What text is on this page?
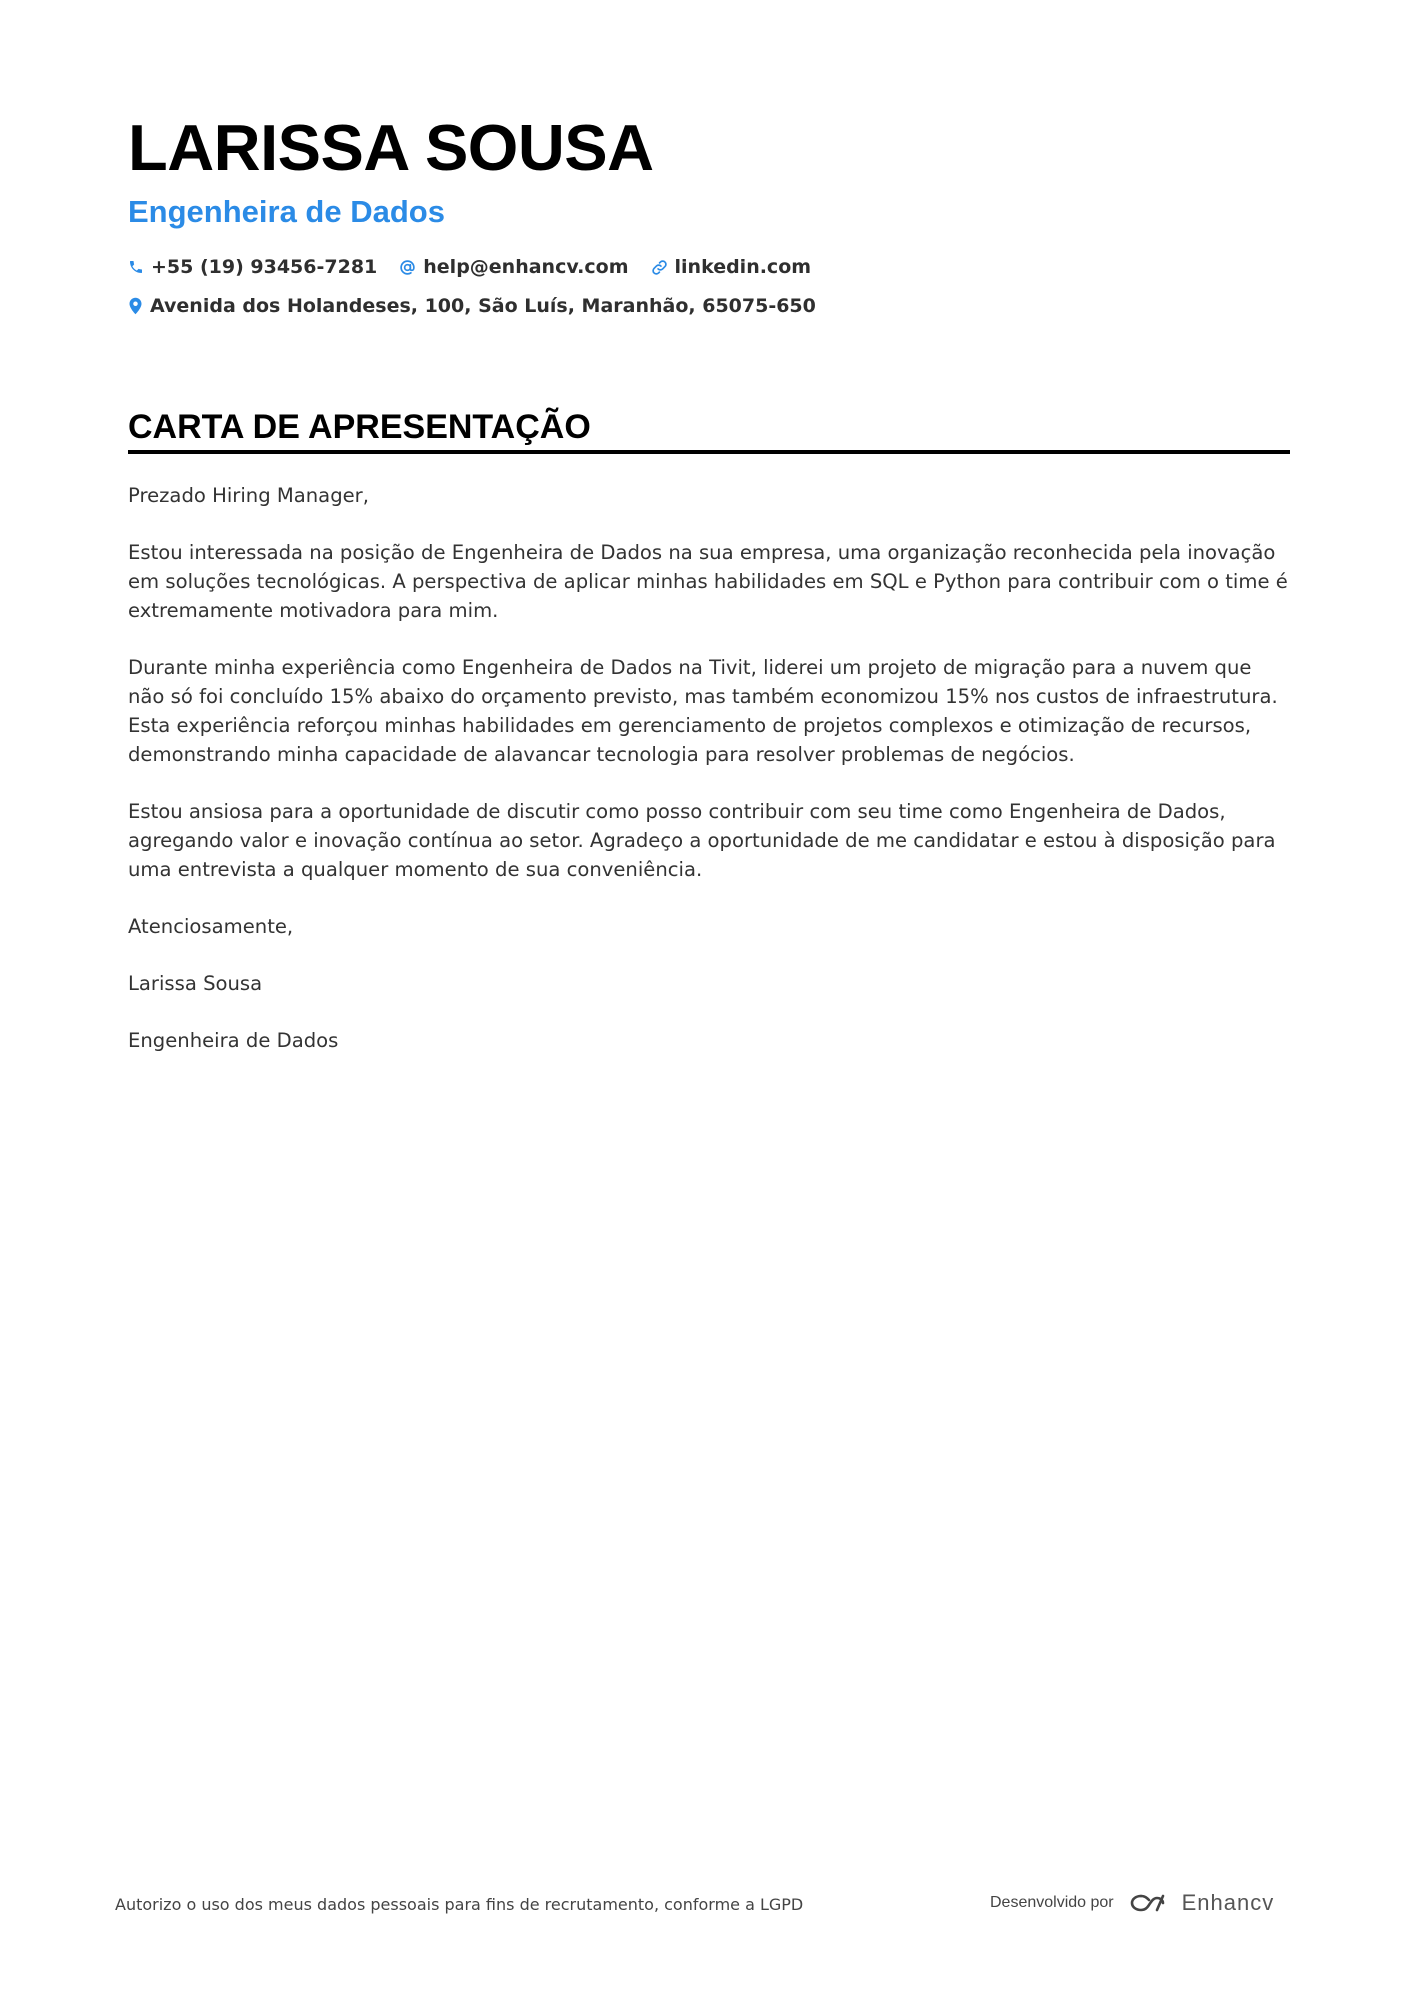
LARISSA SOUSA
Engenheira de Dados
+55 (19) 93456-7281 help@enhancv.com linkedin.com
Avenida dos Holandeses, 100, São Luís, Maranhão, 65075-650
CARTA DE APRESENTAÇÃO

Prezado Hiring Manager,

Estou interessada na posição de Engenheira de Dados na sua empresa, uma organização reconhecida pela inovação em soluções tecnológicas. A perspectiva de aplicar minhas habilidades em SQL e Python para contribuir com o time é extremamente motivadora para mim.

Durante minha experiência como Engenheira de Dados na Tivit, liderei um projeto de migração para a nuvem que não só foi concluído 15% abaixo do orçamento previsto, mas também economizou 15% nos custos de infraestrutura. Esta experiência reforçou minhas habilidades em gerenciamento de projetos complexos e otimização de recursos, demonstrando minha capacidade de alavancar tecnologia para resolver problemas de negócios.

Estou ansiosa para a oportunidade de discutir como posso contribuir com seu time como Engenheira de Dados, agregando valor e inovação contínua ao setor. Agradeço a oportunidade de me candidatar e estou à disposição para uma entrevista a qualquer momento de sua conveniência.

Atenciosamente,

Larissa Sousa

Engenheira de Dados

Autorizo o uso dos meus dados pessoais para fins de recrutamento, conforme a LGPD	Desenvolvido por	Enhancv
